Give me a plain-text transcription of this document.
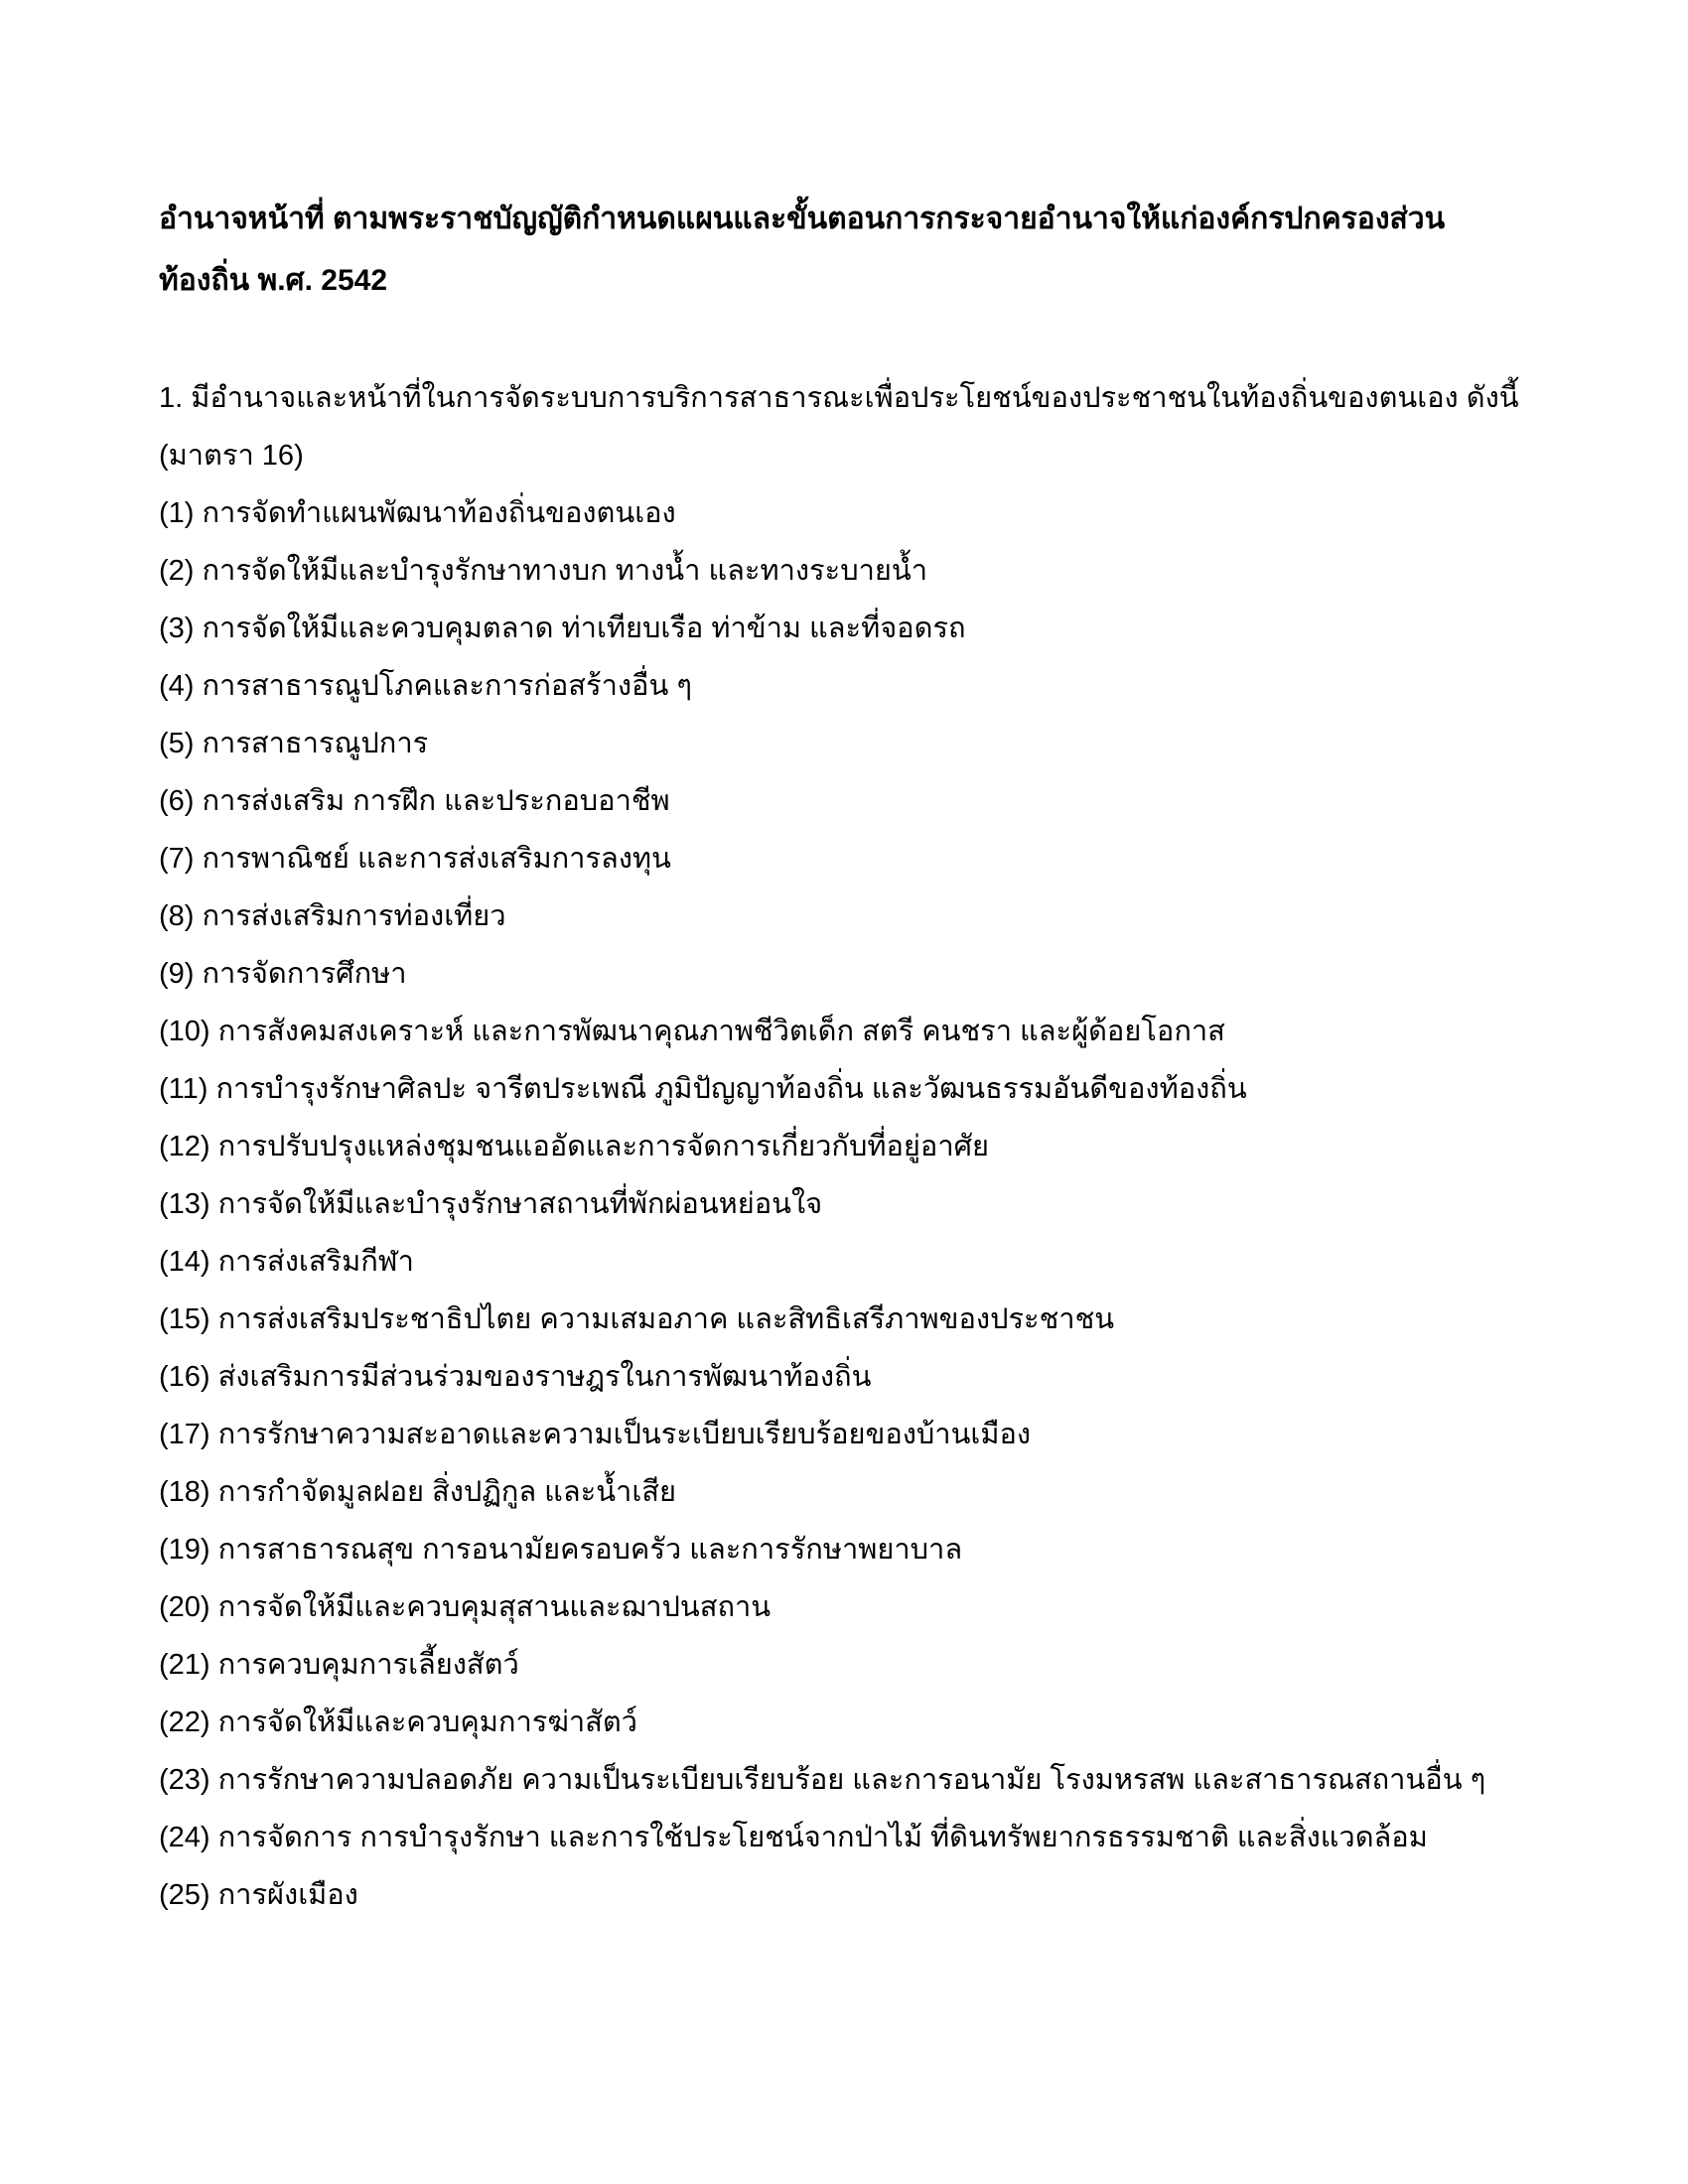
อำนาจหน้าที่ ตามพระราชบัญญัติกำหนดแผนและขั้นตอนการกระจายอำนาจให้แก่องค์กรปกครองส่วน

ท้องถิ่น พ.ศ. 2542

1. มีอำนาจและหน้าที่ในการจัดระบบการบริการสาธารณะเพื่อประโยชน์ของประชาชนในท้องถิ่นของตนเอง ดังนี้

(มาตรา 16)

(1) การจัดทำแผนพัฒนาท้องถิ่นของตนเอง

(2) การจัดให้มีและบำรุงรักษาทางบก ทางน้ำ และทางระบายน้ำ

(3) การจัดให้มีและควบคุมตลาด ท่าเทียบเรือ ท่าข้าม และที่จอดรถ

(4) การสาธารณูปโภคและการก่อสร้างอื่น ๆ

(5) การสาธารณูปการ

(6) การส่งเสริม การฝึก และประกอบอาชีพ

(7) การพาณิชย์ และการส่งเสริมการลงทุน

(8) การส่งเสริมการท่องเที่ยว

(9) การจัดการศึกษา

(10) การสังคมสงเคราะห์ และการพัฒนาคุณภาพชีวิตเด็ก สตรี คนชรา และผู้ด้อยโอกาส

(11) การบำรุงรักษาศิลปะ จารีตประเพณี ภูมิปัญญาท้องถิ่น และวัฒนธรรมอันดีของท้องถิ่น

(12) การปรับปรุงแหล่งชุมชนแออัดและการจัดการเกี่ยวกับที่อยู่อาศัย

(13) การจัดให้มีและบำรุงรักษาสถานที่พักผ่อนหย่อนใจ

(14) การส่งเสริมกีฬา

(15) การส่งเสริมประชาธิปไตย ความเสมอภาค และสิทธิเสรีภาพของประชาชน

(16) ส่งเสริมการมีส่วนร่วมของราษฎรในการพัฒนาท้องถิ่น

(17) การรักษาความสะอาดและความเป็นระเบียบเรียบร้อยของบ้านเมือง

(18) การกำจัดมูลฝอย สิ่งปฏิกูล และน้ำเสีย

(19) การสาธารณสุข การอนามัยครอบครัว และการรักษาพยาบาล

(20) การจัดให้มีและควบคุมสุสานและฌาปนสถาน

(21) การควบคุมการเลี้ยงสัตว์

(22) การจัดให้มีและควบคุมการฆ่าสัตว์

(23) การรักษาความปลอดภัย ความเป็นระเบียบเรียบร้อย และการอนามัย โรงมหรสพ และสาธารณสถานอื่น ๆ

(24) การจัดการ การบำรุงรักษา และการใช้ประโยชน์จากป่าไม้ ที่ดินทรัพยากรธรรมชาติ และสิ่งแวดล้อม

(25) การผังเมือง
